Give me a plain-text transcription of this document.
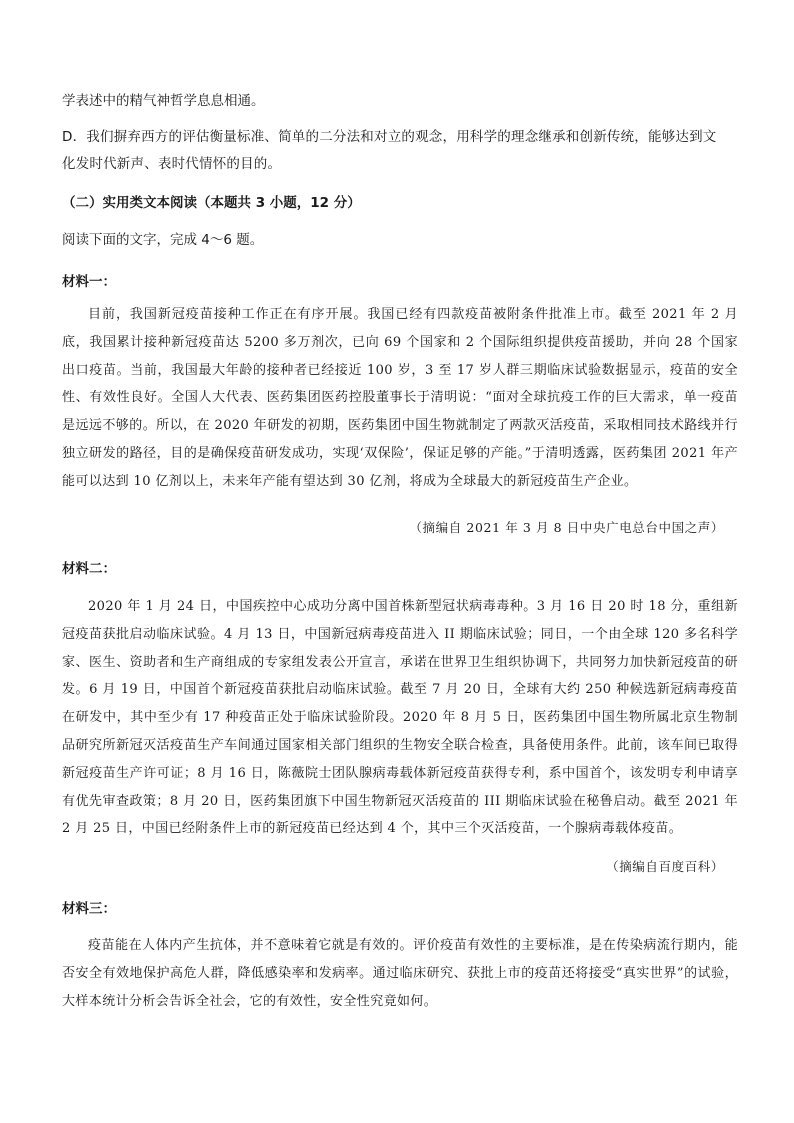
学表述中的精气神哲学息息相通。
D．我们摒弃西方的评估衡量标准、简单的二分法和对立的观念，用科学的理念继承和创新传统，能够达到文
化发时代新声、表时代情怀的目的。
（二）实用类文本阅读（本题共 3 小题，12 分）
阅读下面的文字，完成 4～6 题。
材料一：
目前，我国新冠疫苗接种工作正在有序开展。我国已经有四款疫苗被附条件批准上市。截至 2021 年 2 月底，我国累计接种新冠疫苗达 5200 多万剂次，已向 69 个国家和 2 个国际组织提供疫苗援助，并向 28 个国家出口疫苗。当前，我国最大年龄的接种者已经接近 100 岁，3 至 17 岁人群三期临床试验数据显示，疫苗的安全性、有效性良好。全国人大代表、医药集团医药控股董事长于清明说：“面对全球抗疫工作的巨大需求，单一疫苗是远远不够的。所以，在 2020 年研发的初期，医药集团中国生物就制定了两款灭活疫苗，采取相同技术路线并行独立研发的路径，目的是确保疫苗研发成功，实现‘双保险’，保证足够的产能。”于清明透露，医药集团 2021 年产能可以达到 10 亿剂以上，未来年产能有望达到 30 亿剂，将成为全球最大的新冠疫苗生产企业。
（摘编自 2021 年 3 月 8 日中央广电总台中国之声）
材料二：
2020 年 1 月 24 日，中国疾控中心成功分离中国首株新型冠状病毒毒种。3 月 16 日 20 时 18 分，重组新冠疫苗获批启动临床试验。4 月 13 日，中国新冠病毒疫苗进入 II 期临床试验；同日，一个由全球 120 多名科学家、医生、资助者和生产商组成的专家组发表公开宣言，承诺在世界卫生组织协调下，共同努力加快新冠疫苗的研发。6 月 19 日，中国首个新冠疫苗获批启动临床试验。截至 7 月 20 日，全球有大约 250 种候选新冠病毒疫苗在研发中，其中至少有 17 种疫苗正处于临床试验阶段。2020 年 8 月 5 日，医药集团中国生物所属北京生物制品研究所新冠灭活疫苗生产车间通过国家相关部门组织的生物安全联合检查，具备使用条件。此前，该车间已取得新冠疫苗生产许可证；8 月 16 日，陈薇院士团队腺病毒载体新冠疫苗获得专利，系中国首个，该发明专利申请享有优先审查政策；8 月 20 日，医药集团旗下中国生物新冠灭活疫苗的 III 期临床试验在秘鲁启动。截至 2021 年 2 月 25 日，中国已经附条件上市的新冠疫苗已经达到 4 个，其中三个灭活疫苗，一个腺病毒载体疫苗。
（摘编自百度百科）
材料三：
疫苗能在人体内产生抗体，并不意味着它就是有效的。评价疫苗有效性的主要标准，是在传染病流行期内，能否安全有效地保护高危人群，降低感染率和发病率。通过临床研究、获批上市的疫苗还将接受“真实世界”的试验，大样本统计分析会告诉全社会，它的有效性，安全性究竟如何。
